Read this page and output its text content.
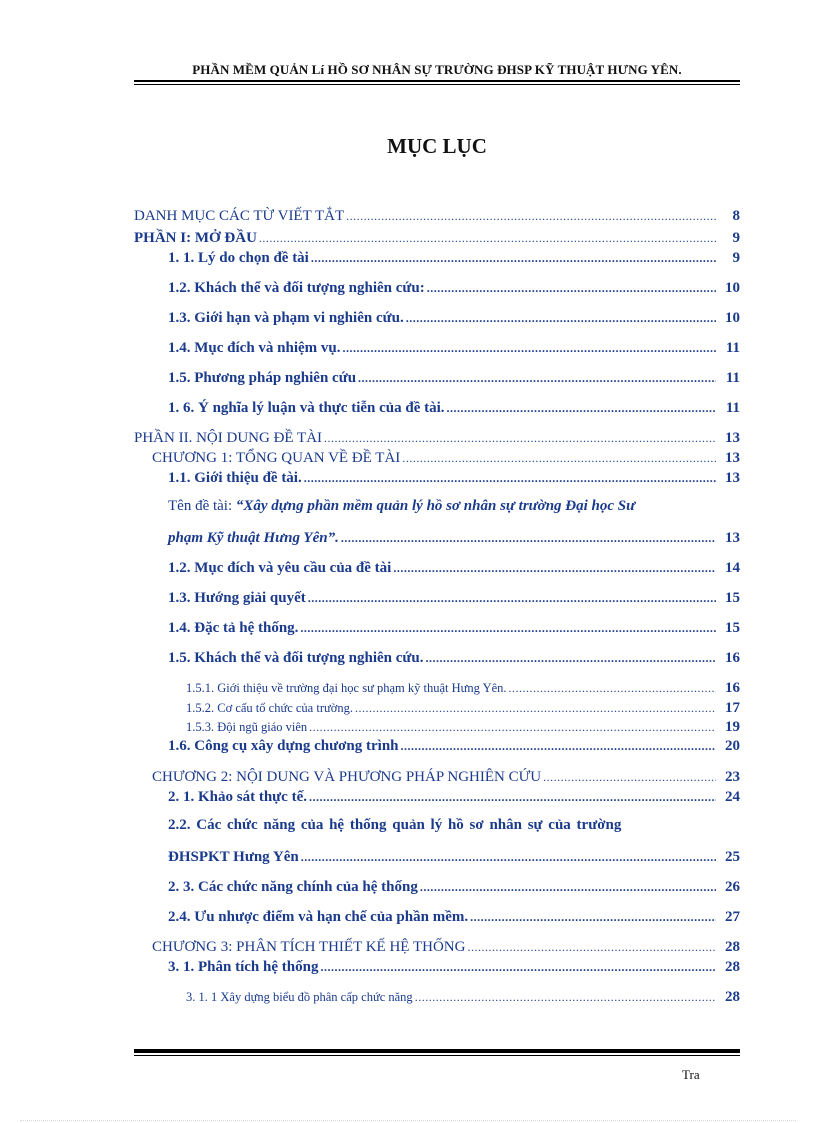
PHẦN MỀM QUẢN Lí HỒ SƠ NHÂN SỰ TRƯỜNG ĐHSP KỸ THUẬT HƯNG YÊN.
MỤC LỤC
DANH MỤC CÁC TỪ VIẾT TẮT .....	8
PHẦN I: MỞ ĐẦU .....	9
1. 1. Lý do chọn đề tài .....	9
1.2. Khách thể và đối tượng nghiên cứu: .....	10
1.3. Giới hạn và phạm vi nghiên cứu. .....	10
1.4. Mục đích và nhiệm vụ. .....	11
1.5. Phương pháp nghiên cứu .....	11
1. 6. Ý nghĩa lý luận và thực tiễn của đề tài. .....	11
PHẦN II. NỘI DUNG ĐỀ TÀI .....	13
CHƯƠNG 1: TỔNG QUAN VỀ ĐỀ TÀI .....	13
1.1. Giới thiệu đề tài. .....	13
Tên đề tài: “Xây dựng phần mềm quản lý hồ sơ nhân sự trường Đại học Sư
phạm Kỹ thuật Hưng Yên”. .....	13
1.2. Mục đích và yêu cầu của đề tài .....	14
1.3. Hướng giải quyết .....	15
1.4. Đặc tả hệ thống. .....	15
1.5. Khách thể và đối tượng nghiên cứu. .....	16
1.5.1. Giới thiệu về trường đại học sư phạm kỹ thuật Hưng Yên. .....	16
1.5.2. Cơ cấu tổ chức của trường. .....	17
1.5.3. Đội ngũ giáo viên .....	19
1.6. Công cụ xây dựng chương trình .....	20
CHƯƠNG 2: NỘI DUNG VÀ PHƯƠNG PHÁP NGHIÊN CỨU .....	23
2. 1. Khảo sát thực tế. .....	24
2.2. Các chức năng của hệ thống quản lý hồ sơ nhân sự của trường
ĐHSPKT Hưng Yên .....	25
2. 3. Các chức năng chính của hệ thống .....	26
2.4. Ưu nhược điểm và hạn chế của phần mềm. .....	27
CHƯƠNG 3: PHÂN TÍCH THIẾT KẾ HỆ THỐNG .....	28
3. 1. Phân tích hệ thống .....	28
3. 1. 1 Xây dựng biểu đồ phân cấp chức năng .....	28
Tra
